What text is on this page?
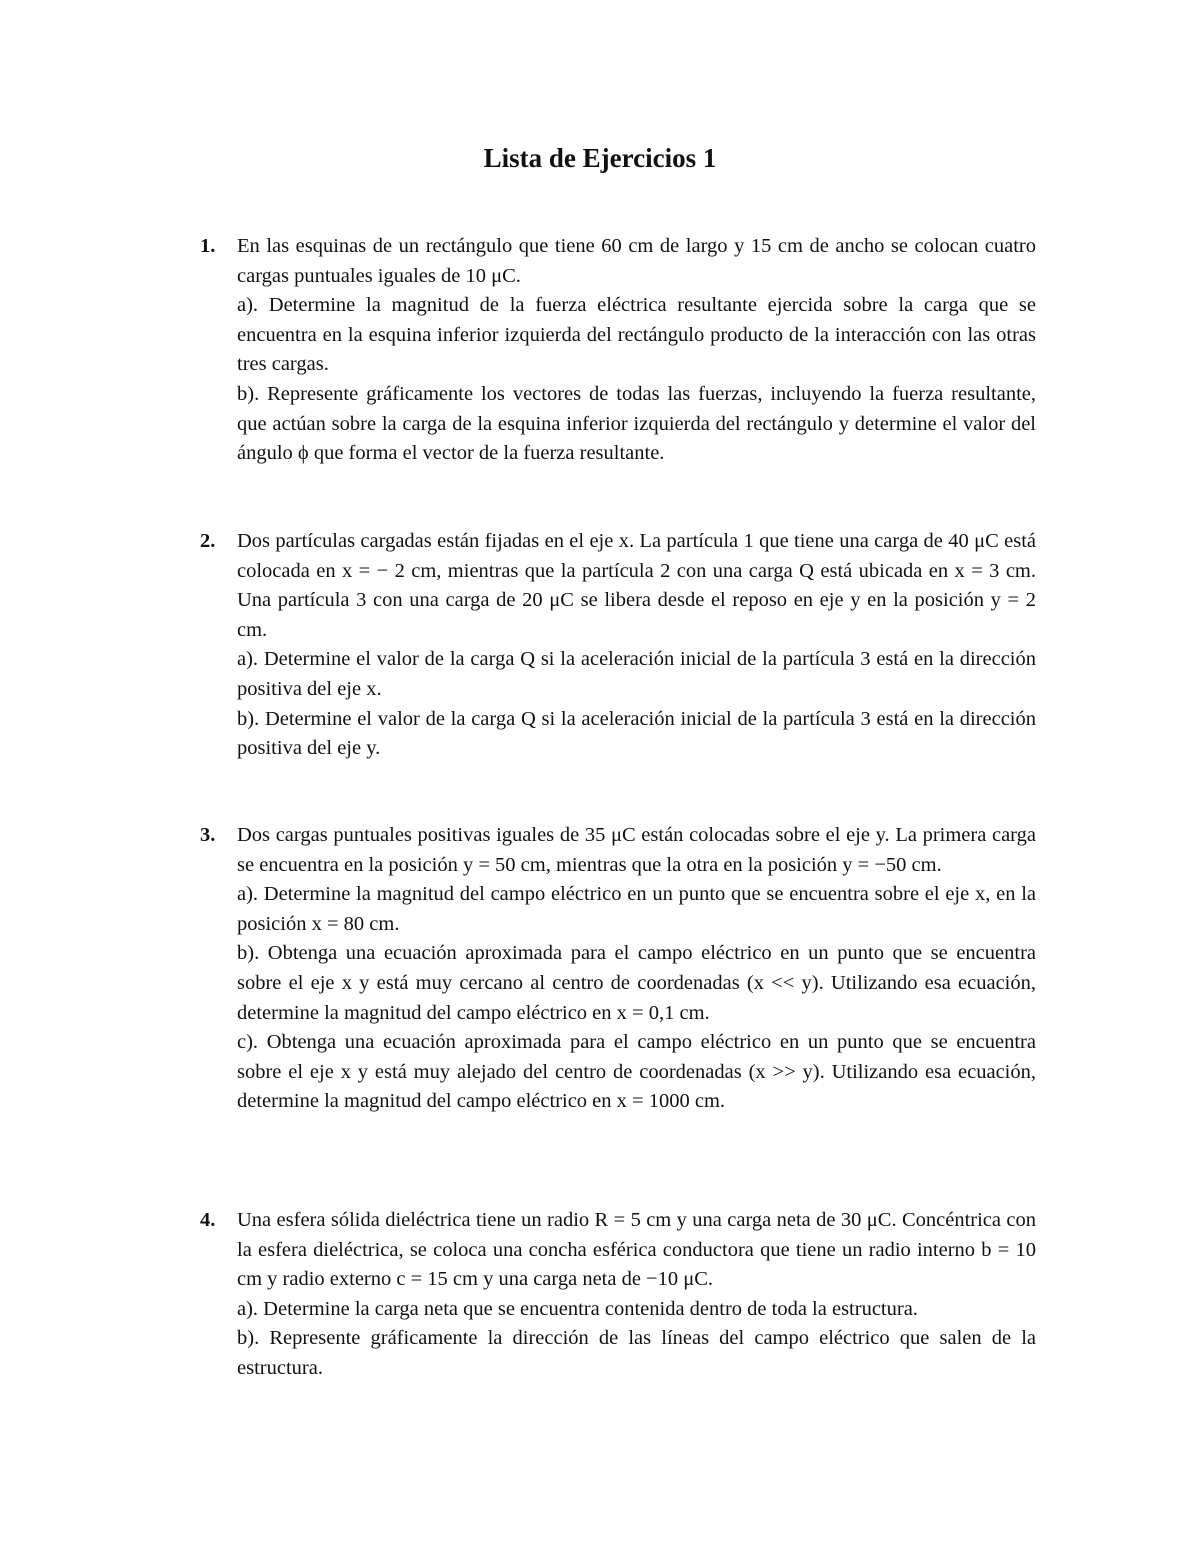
Lista de Ejercicios 1
1. En las esquinas de un rectángulo que tiene 60 cm de largo y 15 cm de ancho se colocan cuatro cargas puntuales iguales de 10 μC.

a). Determine la magnitud de la fuerza eléctrica resultante ejercida sobre la carga que se encuentra en la esquina inferior izquierda del rectángulo producto de la interacción con las otras tres cargas.

b). Represente gráficamente los vectores de todas las fuerzas, incluyendo la fuerza resultante, que actúan sobre la carga de la esquina inferior izquierda del rectángulo y determine el valor del ángulo ϕ que forma el vector de la fuerza resultante.

2. Dos partículas cargadas están fijadas en el eje x. La partícula 1 que tiene una carga de 40 μC está colocada en x = − 2 cm, mientras que la partícula 2 con una carga Q está ubicada en x = 3 cm. Una partícula 3 con una carga de 20 μC se libera desde el reposo en eje y en la posición y = 2 cm.

a). Determine el valor de la carga Q si la aceleración inicial de la partícula 3 está en la dirección positiva del eje x.

b). Determine el valor de la carga Q si la aceleración inicial de la partícula 3 está en la dirección positiva del eje y.

3. Dos cargas puntuales positivas iguales de 35 μC están colocadas sobre el eje y. La primera carga se encuentra en la posición y = 50 cm, mientras que la otra en la posición y = −50 cm.

a). Determine la magnitud del campo eléctrico en un punto que se encuentra sobre el eje x, en la posición x = 80 cm.

b). Obtenga una ecuación aproximada para el campo eléctrico en un punto que se encuentra sobre el eje x y está muy cercano al centro de coordenadas (x << y). Utilizando esa ecuación, determine la magnitud del campo eléctrico en x = 0,1 cm.

c). Obtenga una ecuación aproximada para el campo eléctrico en un punto que se encuentra sobre el eje x y está muy alejado del centro de coordenadas (x >> y). Utilizando esa ecuación, determine la magnitud del campo eléctrico en x = 1000 cm.

4. Una esfera sólida dieléctrica tiene un radio R = 5 cm y una carga neta de 30 μC. Concéntrica con la esfera dieléctrica, se coloca una concha esférica conductora que tiene un radio interno b = 10 cm y radio externo c = 15 cm y una carga neta de −10 μC.

a). Determine la carga neta que se encuentra contenida dentro de toda la estructura.

b). Represente gráficamente la dirección de las líneas del campo eléctrico que salen de la estructura.
